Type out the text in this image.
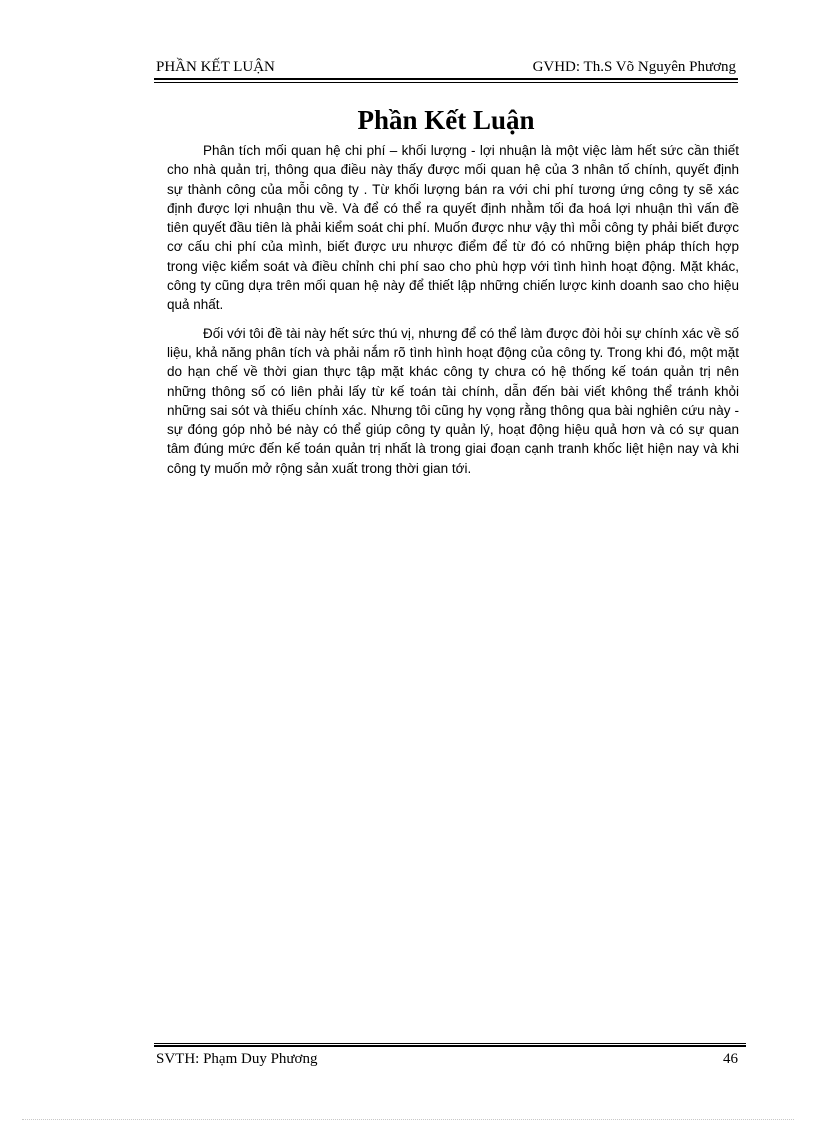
PHẦN KẾT LUẬN	GVHD: Th.S Võ Nguyên Phương
Phần Kết Luận

Phân tích mối quan hệ chi phí – khối lượng - lợi nhuận là một việc làm hết sức cần thiết cho nhà quản trị, thông qua điều này thấy được mối quan hệ của 3 nhân tố chính, quyết định sự thành công của mỗi công ty . Từ khối lượng bán ra với chi phí tương ứng công ty sẽ xác định được lợi nhuận thu về. Và để có thể ra quyết định nhằm tối đa hoá lợi nhuận thì vấn đề tiên quyết đầu tiên là phải kiểm soát chi phí. Muốn được như vậy thì mỗi công ty phải biết được cơ cấu chi phí của mình, biết được ưu nhược điểm để từ đó có những biện pháp thích hợp trong việc kiểm soát và điều chỉnh chi phí sao cho phù hợp với tình hình hoạt động. Mặt khác, công ty cũng dựa trên mối quan hệ này để thiết lập những chiến lược kinh doanh sao cho hiệu quả nhất.

Đối với tôi đề tài này hết sức thú vị, nhưng để có thể làm được đòi hỏi sự chính xác về số liệu, khả năng phân tích và phải nắm rõ tình hình hoạt động của công ty. Trong khi đó, một mặt do hạn chế về thời gian thực tập mặt khác công ty chưa có hệ thống kế toán quản trị nên những thông số có liên phải lấy từ kế toán tài chính, dẫn đến bài viết không thể tránh khỏi những sai sót và thiếu chính xác. Nhưng tôi cũng hy vọng rằng thông qua bài nghiên cứu này - sự đóng góp nhỏ bé này có thể giúp công ty quản lý, hoạt động hiệu quả hơn và có sự quan tâm đúng mức đến kế toán quản trị nhất là trong giai đoạn cạnh tranh khốc liệt hiện nay và khi công ty muốn mở rộng sản xuất trong thời gian tới.

SVTH: Phạm Duy Phương	46
